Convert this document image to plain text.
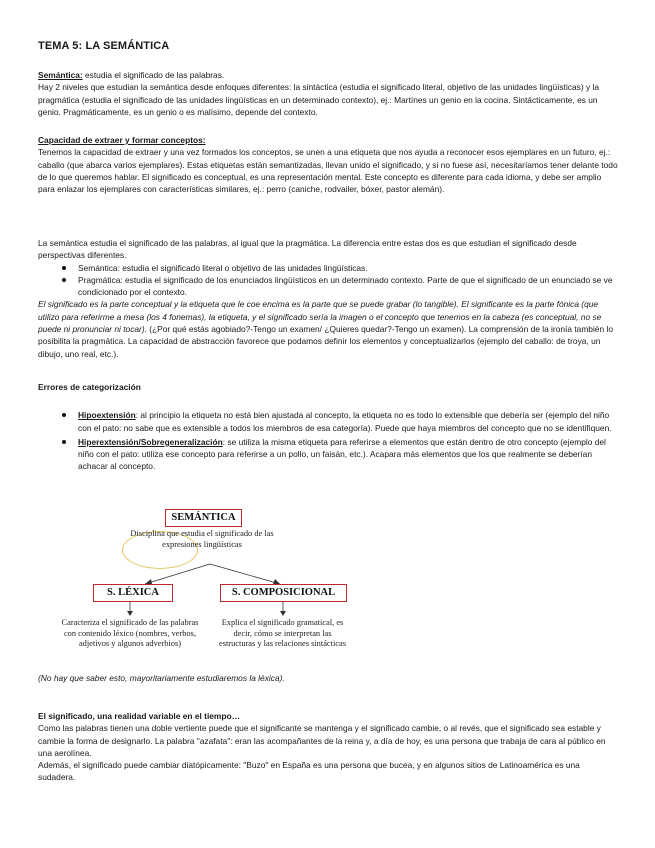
TEMA 5: LA SEMÁNTICA

Semántica: estudia el significado de las palabras.

Hay 2 niveles que estudian la semántica desde enfoques diferentes: la sintáctica (estudia el significado literal, objetivo de las unidades lingüísticas) y la pragmática (estudia el significado de las unidades lingüísticas en un determinado contexto), ej.: Martínes un genio en la cocina. Sintácticamente, es un genio. Pragmáticamente, es un genio o es malísimo, depende del contexto.

Capacidad de extraer y formar conceptos:

Tenemos la capacidad de extraer y una vez formados los conceptos, se unen a una etiqueta que nos ayuda a reconocer esos ejemplares en un futuro, ej.: caballo (que abarca varios ejemplares). Estas etiquetas están semantizadas, llevan unido el significado, y si no fuese así, necesitaríamos tener delante todo de lo que queremos hablar. El significado es conceptual, es una representación mental. Este concepto es diferente para cada idioma, y debe ser amplio para enlazar los ejemplares con características similares, ej.: perro (caniche, rodvailer, bóxer, pastor alemán).

La semántica estudia el significado de las palabras, al igual que la pragmática. La diferencia entre estas dos es que estudian el significado desde perspectivas diferentes.

Semántica: estudia el significado literal o objetivo de las unidades lingüísticas.
Pragmática: estudia el significado de los enunciados lingüísticos en un determinado contexto. Parte de que el significado de un enunciado se ve condicionado por el contexto.

El significado es la parte conceptual y la etiqueta que le coe encima es la parte que se puede grabar (lo tangible). El significante es la parte fónica (que utilizo para referirme a mesa (los 4 fonemas), la etiqueta, y el significado sería la imagen o el concepto que tenemos en la cabeza (es conceptual, no se puede ni pronunciar ni tocar). (¿Por qué estás agobiado?-Tengo un examen/ ¿Quieres quedar?-Tengo un examen). La comprensión de la ironía también lo posibilita la pragmática. La capacidad de abstracción favorece que podamos definir los elementos y conceptualizarlos (ejemplo del caballo: de troya, un dibujo, uno real, etc.).

Errores de categorización

Hipoextensión: al principio la etiqueta no está bien ajustada al concepto, la etiqueta no es todo lo extensible que debería ser (ejemplo del niño con el pato: no sabe que es extensible a todos los miembros de esa categoría). Puede que haya miembros del concepto que no se identifiquen.
Hiperextensión/Sobregeneralización: se utiliza la misma etiqueta para referirse a elementos que están dentro de otro concepto (ejemplo del niño con el pato: utiliza ese concepto para referirse a un pollo, un faisán, etc.). Acapara más elementos que los que realmente se deberían achacar al concepto.
SEMÁNTICA
Disciplina que estudia el significado de las expresiones lingüísticas
S. LÉXICA	S. COMPOSICIONAL
Caracteriza el significado de las palabras con contenido léxico (nombres, verbos, adjetivos y algunos adverbios)
Explica el significado gramatical, es decir, cómo se interpretan las estructuras y las relaciones sintácticas
(No hay que saber esto, mayoritariamente estudiaremos la léxica).

El significado, una realidad variable en el tiempo…

Como las palabras tienen una doble vertiente puede que el significante se mantenga y el significado cambie, o al revés, que el significado sea estable y cambie la forma de designarlo. La palabra "azafata": eran las acompañantes de la reina y, a día de hoy, es una persona que trabaja de cara al público en una aerolínea.

Además, el significado puede cambiar diatópicamente: "Buzo" en España es una persona que bucea, y en algunos sitios de Latinoamérica es una sudadera.
